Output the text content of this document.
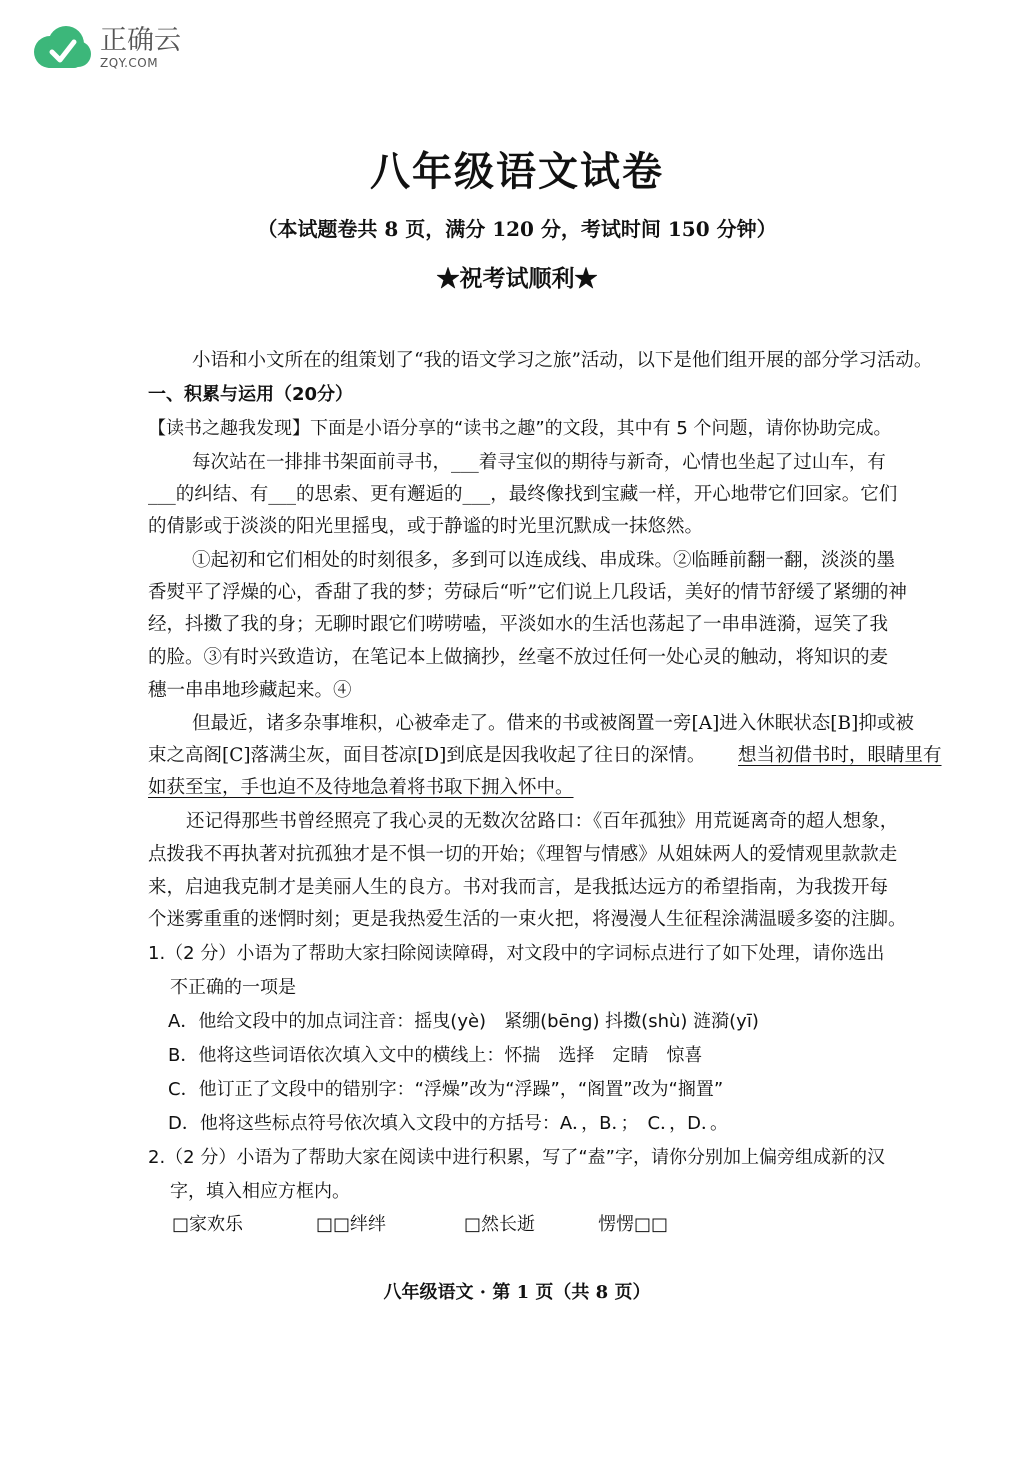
正确云
ZQY.COM
八年级语文试卷
（本试题卷共 8 页，满分 120 分，考试时间 150 分钟）
★祝考试顺利★
小语和小文所在的组策划了“我的语文学习之旅”活动，以下是他们组开展的部分学习活动。
一、积累与运用（20分）
【读书之趣我发现】下面是小语分享的“读书之趣”的文段，其中有 5 个问题，请你协助完成。
每次站在一排排书架面前寻书，___着寻宝似的期待与新奇，心情也坐起了过山车，有
___的纠结、有___的思索、更有邂逅的___，最终像找到宝藏一样，开心地带它们回家。它们
的倩影或于淡淡的阳光里摇曳，或于静谧的时光里沉默成一抹悠然。
①起初和它们相处的时刻很多，多到可以连成线、串成珠。②临睡前翻一翻，淡淡的墨
香熨平了浮燥的心，香甜了我的梦；劳碌后“听”它们说上几段话，美好的情节舒缓了紧绷的神
经，抖擞了我的身；无聊时跟它们唠唠嗑，平淡如水的生活也荡起了一串串涟漪，逗笑了我
的脸。③有时兴致造访，在笔记本上做摘抄，丝毫不放过任何一处心灵的触动，将知识的麦
穗一串串地珍藏起来。④
但最近，诸多杂事堆积，心被牵走了。借来的书或被阁置一旁[A]进入休眠状态[B]抑或被
束之高阁[C]落满尘灰，面目苍凉[D]到底是因我收起了往日的深情。	想当初借书时，眼睛里有
如获至宝，手也迫不及待地急着将书取下拥入怀中。
还记得那些书曾经照亮了我心灵的无数次岔路口：《百年孤独》用荒诞离奇的超人想象，
点拨我不再执著对抗孤独才是不惧一切的开始；《理智与情感》从姐妹两人的爱情观里款款走
来，启迪我克制才是美丽人生的良方。书对我而言，是我抵达远方的希望指南，为我拨开每
个迷雾重重的迷惘时刻；更是我热爱生活的一束火把，将漫漫人生征程涂满温暖多姿的注脚。
1.（2 分）小语为了帮助大家扫除阅读障碍，对文段中的字词标点进行了如下处理，请你选出
不正确的一项是
A．他给文段中的加点词注音：摇曳(yè)　紧绷(bēng) 抖擞(shù) 涟漪(yī)
B．他将这些词语依次填入文中的横线上：怀揣　选择　定睛　惊喜
C．他订正了文段中的错别字：“浮燥”改为“浮躁”，“阁置”改为“搁置”
D．他将这些标点符号依次填入文段中的方括号：A．，B．；　C．，D．。
2.（2 分）小语为了帮助大家在阅读中进行积累，写了“盍”字，请你分别加上偏旁组成新的汉
字，填入相应方框内。
□家欢乐	□□绊绊	□然长逝	愣愣□□
八年级语文 · 第 1 页（共 8 页）
